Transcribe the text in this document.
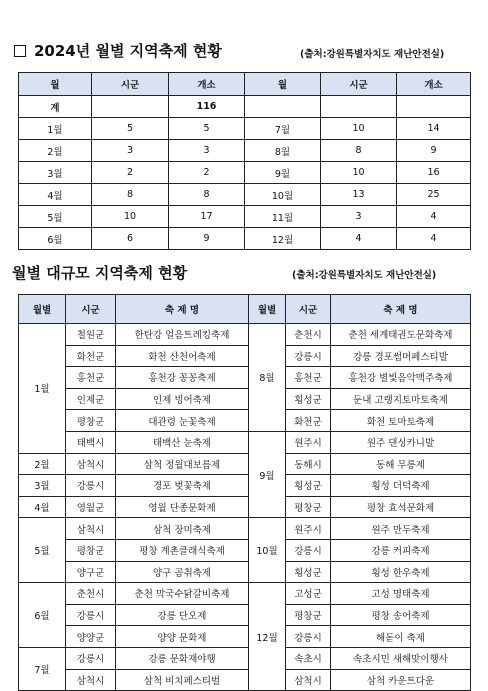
2024년 월별 지역축제 현황	(출처:강원특별자치도 재난안전실)
월	시군	개소	월	시군	개소
계		116			
1월	5	5	7월	10	14
2월	3	3	8월	8	9
3월	2	2	9월	10	16
4월	8	8	10월	13	25
5월	10	17	11월	3	4
6월	6	9	12월	4	4
월별 대규모 지역축제 현황	(출처:강원특별자치도 재난안전실)
월별	시군	축 제 명	월별	시군	축 제 명
1월	철원군	한탄강 얼음트레킹축제	8월	춘천시	춘천 세계태권도문화축제
	화천군	화천 산천어축제		강릉시	강릉 경포썸머페스티발
	홍천군	홍천강 꽁꽁축제		홍천군	홍천강 별빛음악맥주축제
	인제군	인제 빙어축제		횡성군	둔내 고랭지토마토축제
	평창군	대관령 눈꽃축제		화천군	화천 토마토축제
	태백시	태백산 눈축제	9월	원주시	원주 댄싱카니발
2월	삼척시	삼척 정월대보름제		동해시	동해 무릉제
3월	강릉시	경포 벚꽃축제		횡성군	횡성 더덕축제
4월	영월군	영월 단종문화제		평창군	평창 효석문화제
5월	삼척시	삼척 장미축제	10월	원주시	원주 만두축제
	평창군	평창 계촌클래식축제		강릉시	강릉 커피축제
	양구군	양구 곰취축제		횡성군	횡성 한우축제
6월	춘천시	춘천 막국수닭갈비축제	12월	고성군	고성 명태축제
	강릉시	강릉 단오제		평창군	평창 송어축제
	양양군	양양 문화제		강릉시	해돋이 축제
7월	강릉시	강릉 문화재야행		속초시	속초시민 새해맞이행사
	삼척시	삼척 비치페스티벌		삼척시	삼척 카운트다운
